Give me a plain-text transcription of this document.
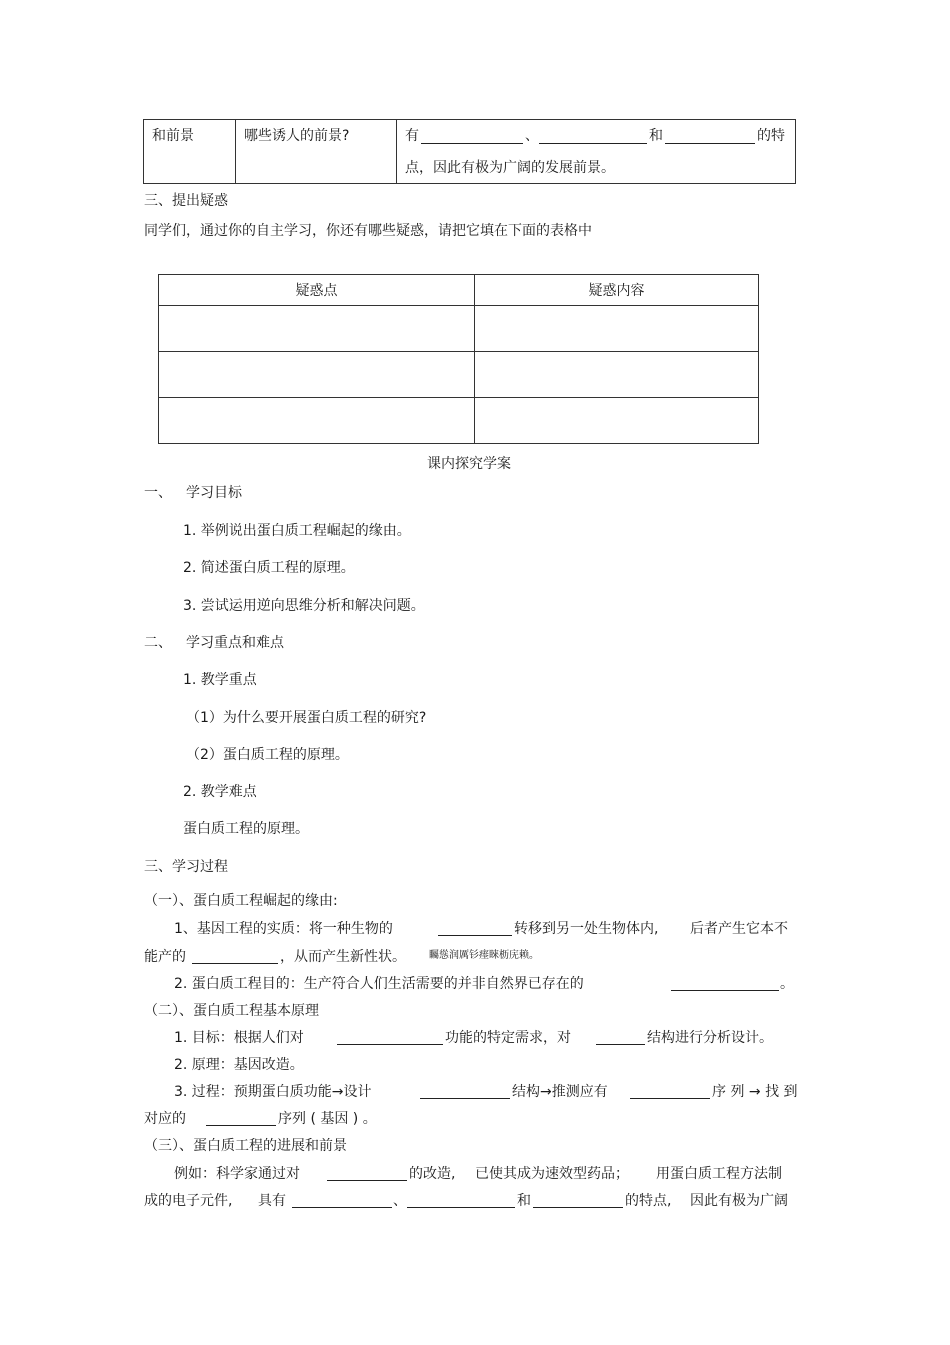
和前景	哪些诱人的前景?	有	、	和	的特
点，因此有极为广阔的发展前景。
三、提出疑惑
同学们，通过你的自主学习，你还有哪些疑惑，请把它填在下面的表格中
疑惑点	疑惑内容

课内探究学案
一、 学习目标
1. 举例说出蛋白质工程崛起的缘由。
2. 简述蛋白质工程的原理。
3. 尝试运用逆向思维分析和解决问题。
二、 学习重点和难点
1. 教学重点
（1）为什么要开展蛋白质工程的研究?
（2）蛋白质工程的原理。
2. 教学难点
蛋白质工程的原理。
三、学习过程
（一）、蛋白质工程崛起的缘由:
1、基因工程的实质：将一种生物的	转移到另一处生物体内, 后者产生它本不
能产的	，从而产生新性状。 矚慫润厲钐瘗睞枥庑赖。
2. 蛋白质工程目的：生产符合人们生活需要的并非自然界已存在的	。
（二）、蛋白质工程基本原理
1. 目标：根据人们对	功能的特定需求，对	结构进行分析设计。
2. 原理：基因改造。
3. 过程：预期蛋白质功能→设计	结构→推测应有	序 列 → 找 到
对应的	序列 ( 基因 ) 。
（三）、蛋白质工程的进展和前景
例如：科学家通过对	的改造, 已使其成为速效型药品； 用蛋白质工程方法制
成的电子元件, 具有	、	和	的特点, 因此有极为广阔
